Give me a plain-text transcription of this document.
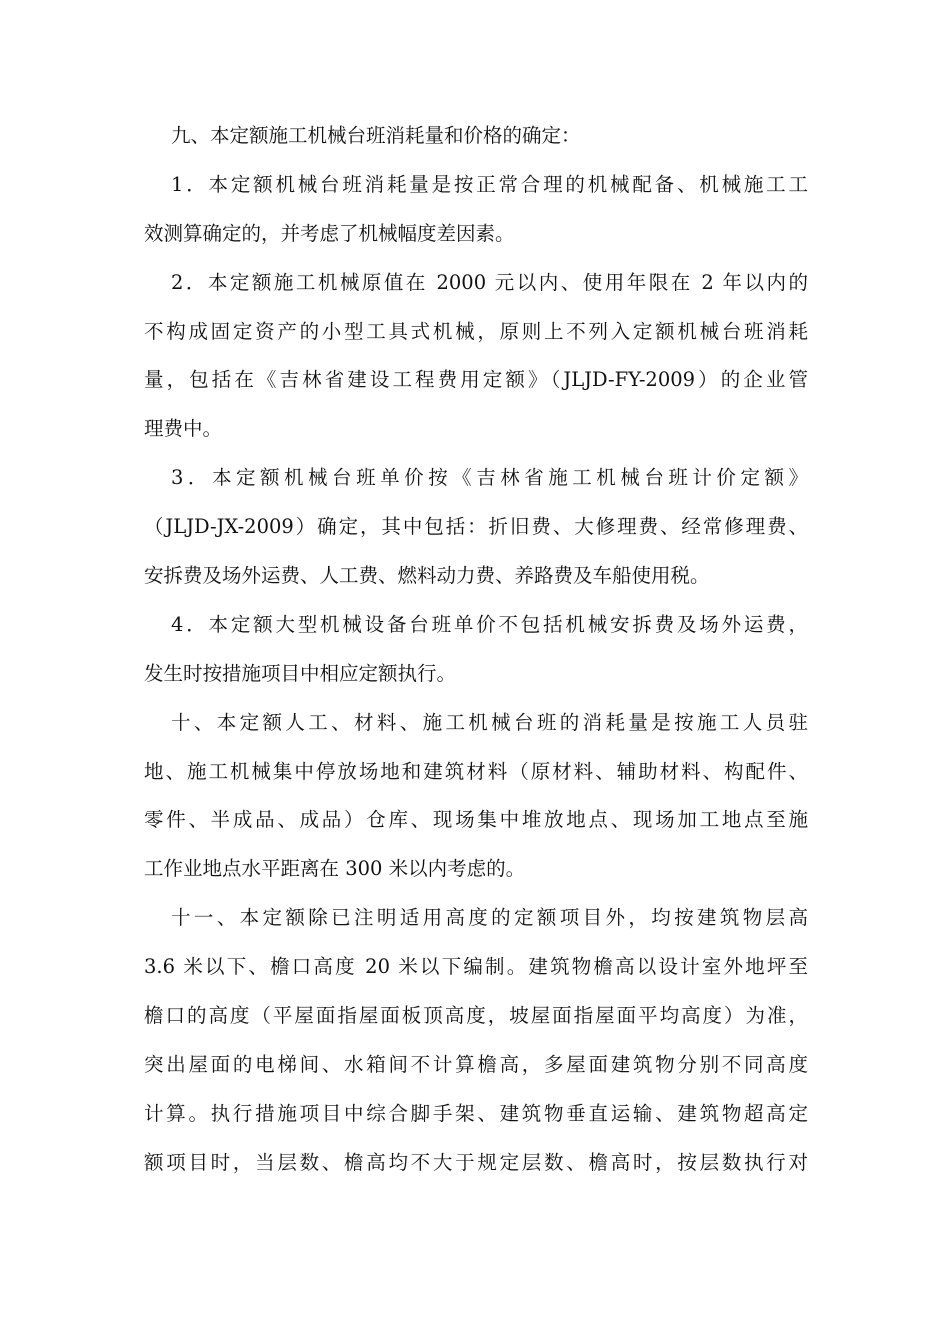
九、本定额施工机械台班消耗量和价格的确定：
1．本定额机械台班消耗量是按正常合理的机械配备、机械施工工
效测算确定的，并考虑了机械幅度差因素。
2．本定额施工机械原值在 2000 元以内、使用年限在 2 年以内的
不构成固定资产的小型工具式机械，原则上不列入定额机械台班消耗
量，包括在《吉林省建设工程费用定额》（JLJD-FY-2009）的企业管
理费中。
3．本定额机械台班单价按《吉林省施工机械台班计价定额》
（JLJD-JX-2009）确定，其中包括：折旧费、大修理费、经常修理费、
安拆费及场外运费、人工费、燃料动力费、养路费及车船使用税。
4．本定额大型机械设备台班单价不包括机械安拆费及场外运费，
发生时按措施项目中相应定额执行。
十、本定额人工、材料、施工机械台班的消耗量是按施工人员驻
地、施工机械集中停放场地和建筑材料（原材料、辅助材料、构配件、
零件、半成品、成品）仓库、现场集中堆放地点、现场加工地点至施
工作业地点水平距离在 300 米以内考虑的。
十一、本定额除已注明适用高度的定额项目外，均按建筑物层高
3.6 米以下、檐口高度 20 米以下编制。建筑物檐高以设计室外地坪至
檐口的高度（平屋面指屋面板顶高度，坡屋面指屋面平均高度）为准，
突出屋面的电梯间、水箱间不计算檐高，多屋面建筑物分别不同高度
计算。执行措施项目中综合脚手架、建筑物垂直运输、建筑物超高定
额项目时，当层数、檐高均不大于规定层数、檐高时，按层数执行对
